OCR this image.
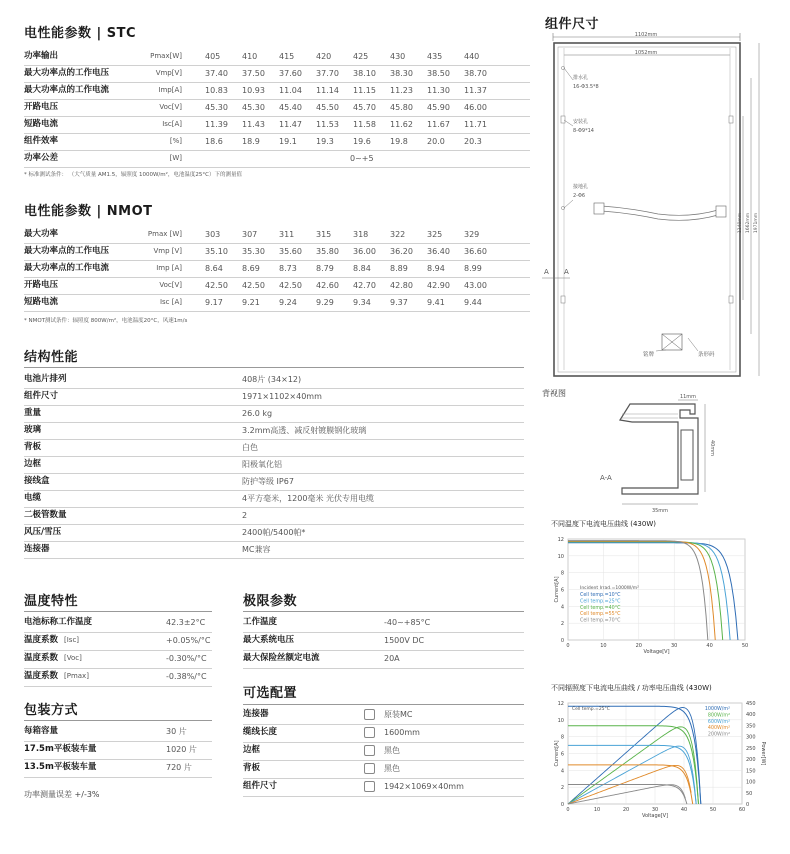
电性能参数 | STC
功率输出	Pmax[W]	405	410	415	420	425	430	435	440
最大功率点的工作电压	Vmp[V]	37.40 37.50 37.60 37.70 38.10 38.30 38.50 38.70
最大功率点的工作电流	Imp[A]	10.83 10.93 11.04 11.14 11.15 11.23 11.30 11.37
开路电压	Voc[V]	45.30 45.30 45.40 45.50 45.70 45.80 45.90 46.00
短路电流	Isc[A]	11.39 11.43 11.47 11.53 11.58 11.62 11.67 11.71
组件效率	[%]	18.6 18.9 19.1 19.3 19.6 19.8 20.0 20.3
功率公差	[W]	0~+5
* 标准测试条件： （大气质量 AM1.5，辐照度 1000W/m²，电池温度25°C）下的测量值
电性能参数 | NMOT
最大功率	Pmax [W]	303	307	311	315	318	322	325	329
最大功率点的工作电压	Vmp [V]	35.10 35.30 35.60 35.80 36.00 36.20 36.40 36.60
最大功率点的工作电流	Imp [A]	8.64 8.69 8.73 8.79 8.84 8.89 8.94 8.99
开路电压	Voc[V]	42.50 42.50 42.50 42.60 42.70 42.80 42.90 43.00
短路电流	Isc [A]	9.17 9.21 9.24 9.29 9.34 9.37 9.41 9.44
* NMOT测试条件：辐照度 800W/m²，电池温度20°C，风速1m/s
结构性能
电池片排列	408片 (34×12)
组件尺寸	1971×1102×40mm
重量	26.0 kg
玻璃	3.2mm高透、减反射镀膜钢化玻璃
背板	白色
边框	阳极氧化铝
接线盒	防护等级 IP67
电缆	4平方毫米，1200毫米 光伏专用电缆
二极管数量	2
风压/雪压	2400帕/5400帕*
连接器	MC兼容
温度特性
电池标称工作温度	42.3±2°C
温度系数 [Isc]	+0.05%/°C
温度系数 [Voc]	-0.30%/°C
温度系数 [Pmax]	-0.38%/°C
极限参数
工作温度	-40~+85°C
最大系统电压	1500V DC
最大保险丝额定电流	20A
包装方式
每箱容量	30 片
17.5m平板装车量	1020 片
13.5m平板装车量	720 片
功率测量误差 +/-3%
可选配置
连接器	原装MC
缆线长度	1600mm
边框	黑色
背板	黑色
组件尺寸	1942×1069×40mm
组件尺寸
1102mm
1052mm
排水孔
16-Φ3.5*8
安装孔
8-Φ9*14
接地孔
2-Φ6
1140mm 1662mm 1971mm
A A
铭牌	条形码
背视图	11mm
40mm
35mm
A-A
不同温度下电流电压曲线 (430W)
0
2
4
6
8
10
12
0	10	20	30	40	50
Current[A]
Voltage[V]
Incident Irrad.=1000W/m²
Cell temp.=10°C
Cell temp.=25°C
Cell temp.=40°C
Cell temp.=55°C
Cell temp.=70°C
不同辐照度下电流电压曲线 / 功率电压曲线 (430W)
0
2
4
6
8
10
12
0	10	20	30	40	50	60
Current[A]
Voltage[V]
Cell temp.=25°C	1000W/m²
800W/m²
600W/m²
400W/m²
200W/m²
0
50
100
150
200
250
300
350
400
450
Power[W]
